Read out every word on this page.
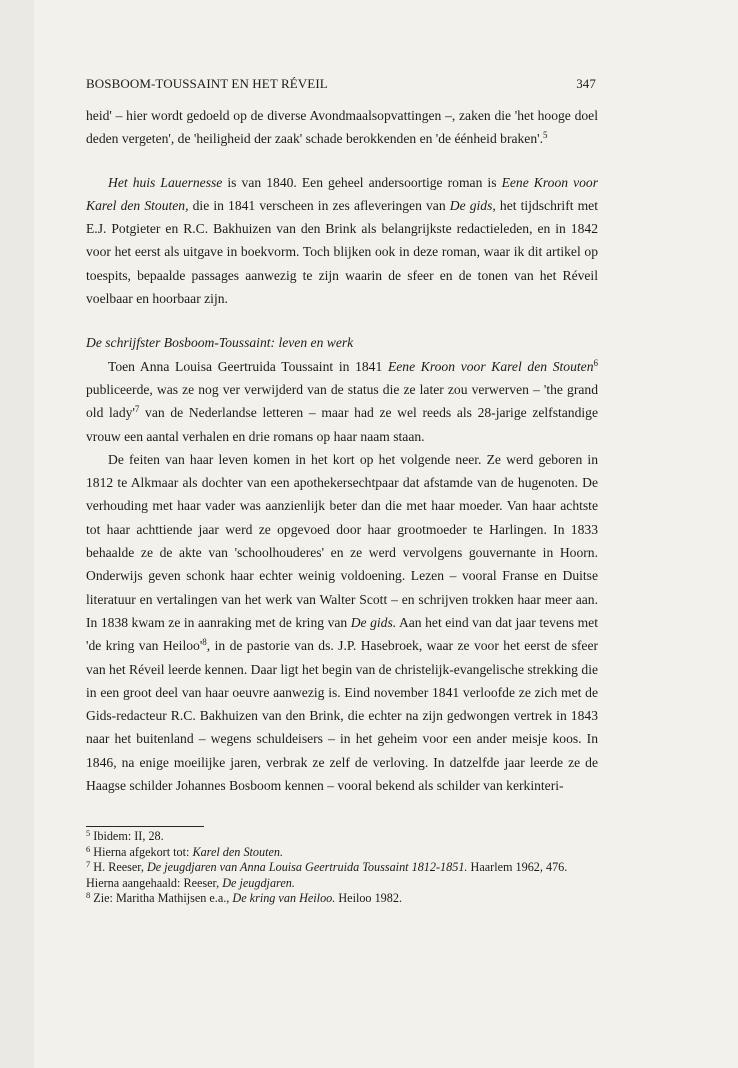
BOSBOOM-TOUSSAINT EN HET RÉVEIL	347

heid' – hier wordt gedoeld op de diverse Avondmaalsopvattingen –, zaken die 'het hooge doel deden vergeten', de 'heiligheid der zaak' schade berokkenden en 'de éénheid braken'.$^5$

Het huis Lauernesse is van 1840. Een geheel andersoortige roman is Eene Kroon voor Karel den Stouten, die in 1841 verscheen in zes afleveringen van De gids, het tijdschrift met E.J. Potgieter en R.C. Bakhuizen van den Brink als belangrijkste redactieleden, en in 1842 voor het eerst als uitgave in boekvorm. Toch blijken ook in deze roman, waar ik dit artikel op toespits, bepaalde passages aanwezig te zijn waarin de sfeer en de tonen van het Réveil voelbaar en hoorbaar zijn.

De schrijfster Bosboom-Toussaint: leven en werk

Toen Anna Louisa Geertruida Toussaint in 1841 Eene Kroon voor Karel den Stouten$^6$ publiceerde, was ze nog ver verwijderd van de status die ze later zou verwerven – 'the grand old $lady'^7$ van de Nederlandse letteren – maar had ze wel reeds als 28-jarige zelfstandige vrouw een aantal verhalen en drie romans op haar naam staan.

De feiten van haar leven komen in het kort op het volgende neer. Ze werd geboren in 1812 te Alkmaar als dochter van een apothekersechtpaar dat afstamde van de hugenoten. De verhouding met haar vader was aanzienlijk beter dan die met haar moeder. Van haar achtste tot haar achttiende jaar werd ze opgevoed door haar grootmoeder te Harlingen. In 1833 behaalde ze de akte van 'schoolhouderes' en ze werd vervolgens gouvernante in Hoorn. Onderwijs geven schonk haar echter weinig voldoening. Lezen – vooral Franse en Duitse literatuur en vertalingen van het werk van Walter Scott – en schrijven trokken haar meer aan. In 1838 kwam ze in aanraking met de kring van De gids. Aan het eind van dat jaar tevens met 'de kring van $Heiloo'^8$, in de pastorie van ds. J.P. Hasebroek, waar ze voor het eerst de sfeer van het Réveil leerde kennen. Daar ligt het begin van de christelijk-evangelische strekking die in een groot deel van haar oeuvre aanwezig is. Eind november 1841 verloofde ze zich met de Gids-redacteur R.C. Bakhuizen van den Brink, die echter na zijn gedwongen vertrek in 1843 naar het buitenland – wegens schuldeisers – in het geheim voor een ander meisje koos. In 1846, na enige moeilijke jaren, verbrak ze zelf de verloving. In datzelfde jaar leerde ze de Haagse schilder Johannes Bosboom kennen – vooral bekend als schilder van kerkinteri-

$^5$ Ibidem: II, 28.

$^6$ Hierna afgekort tot: Karel den Stouten.

$^7$ H. Reeser, De jeugdjaren van Anna Louisa Geertruida Toussaint 1812-1851. Haarlem 1962, 476. Hierna aangehaald: Reeser, De jeugdjaren.

$^8$ Zie: Maritha Mathijsen e.a., De kring van Heiloo. Heiloo 1982.
